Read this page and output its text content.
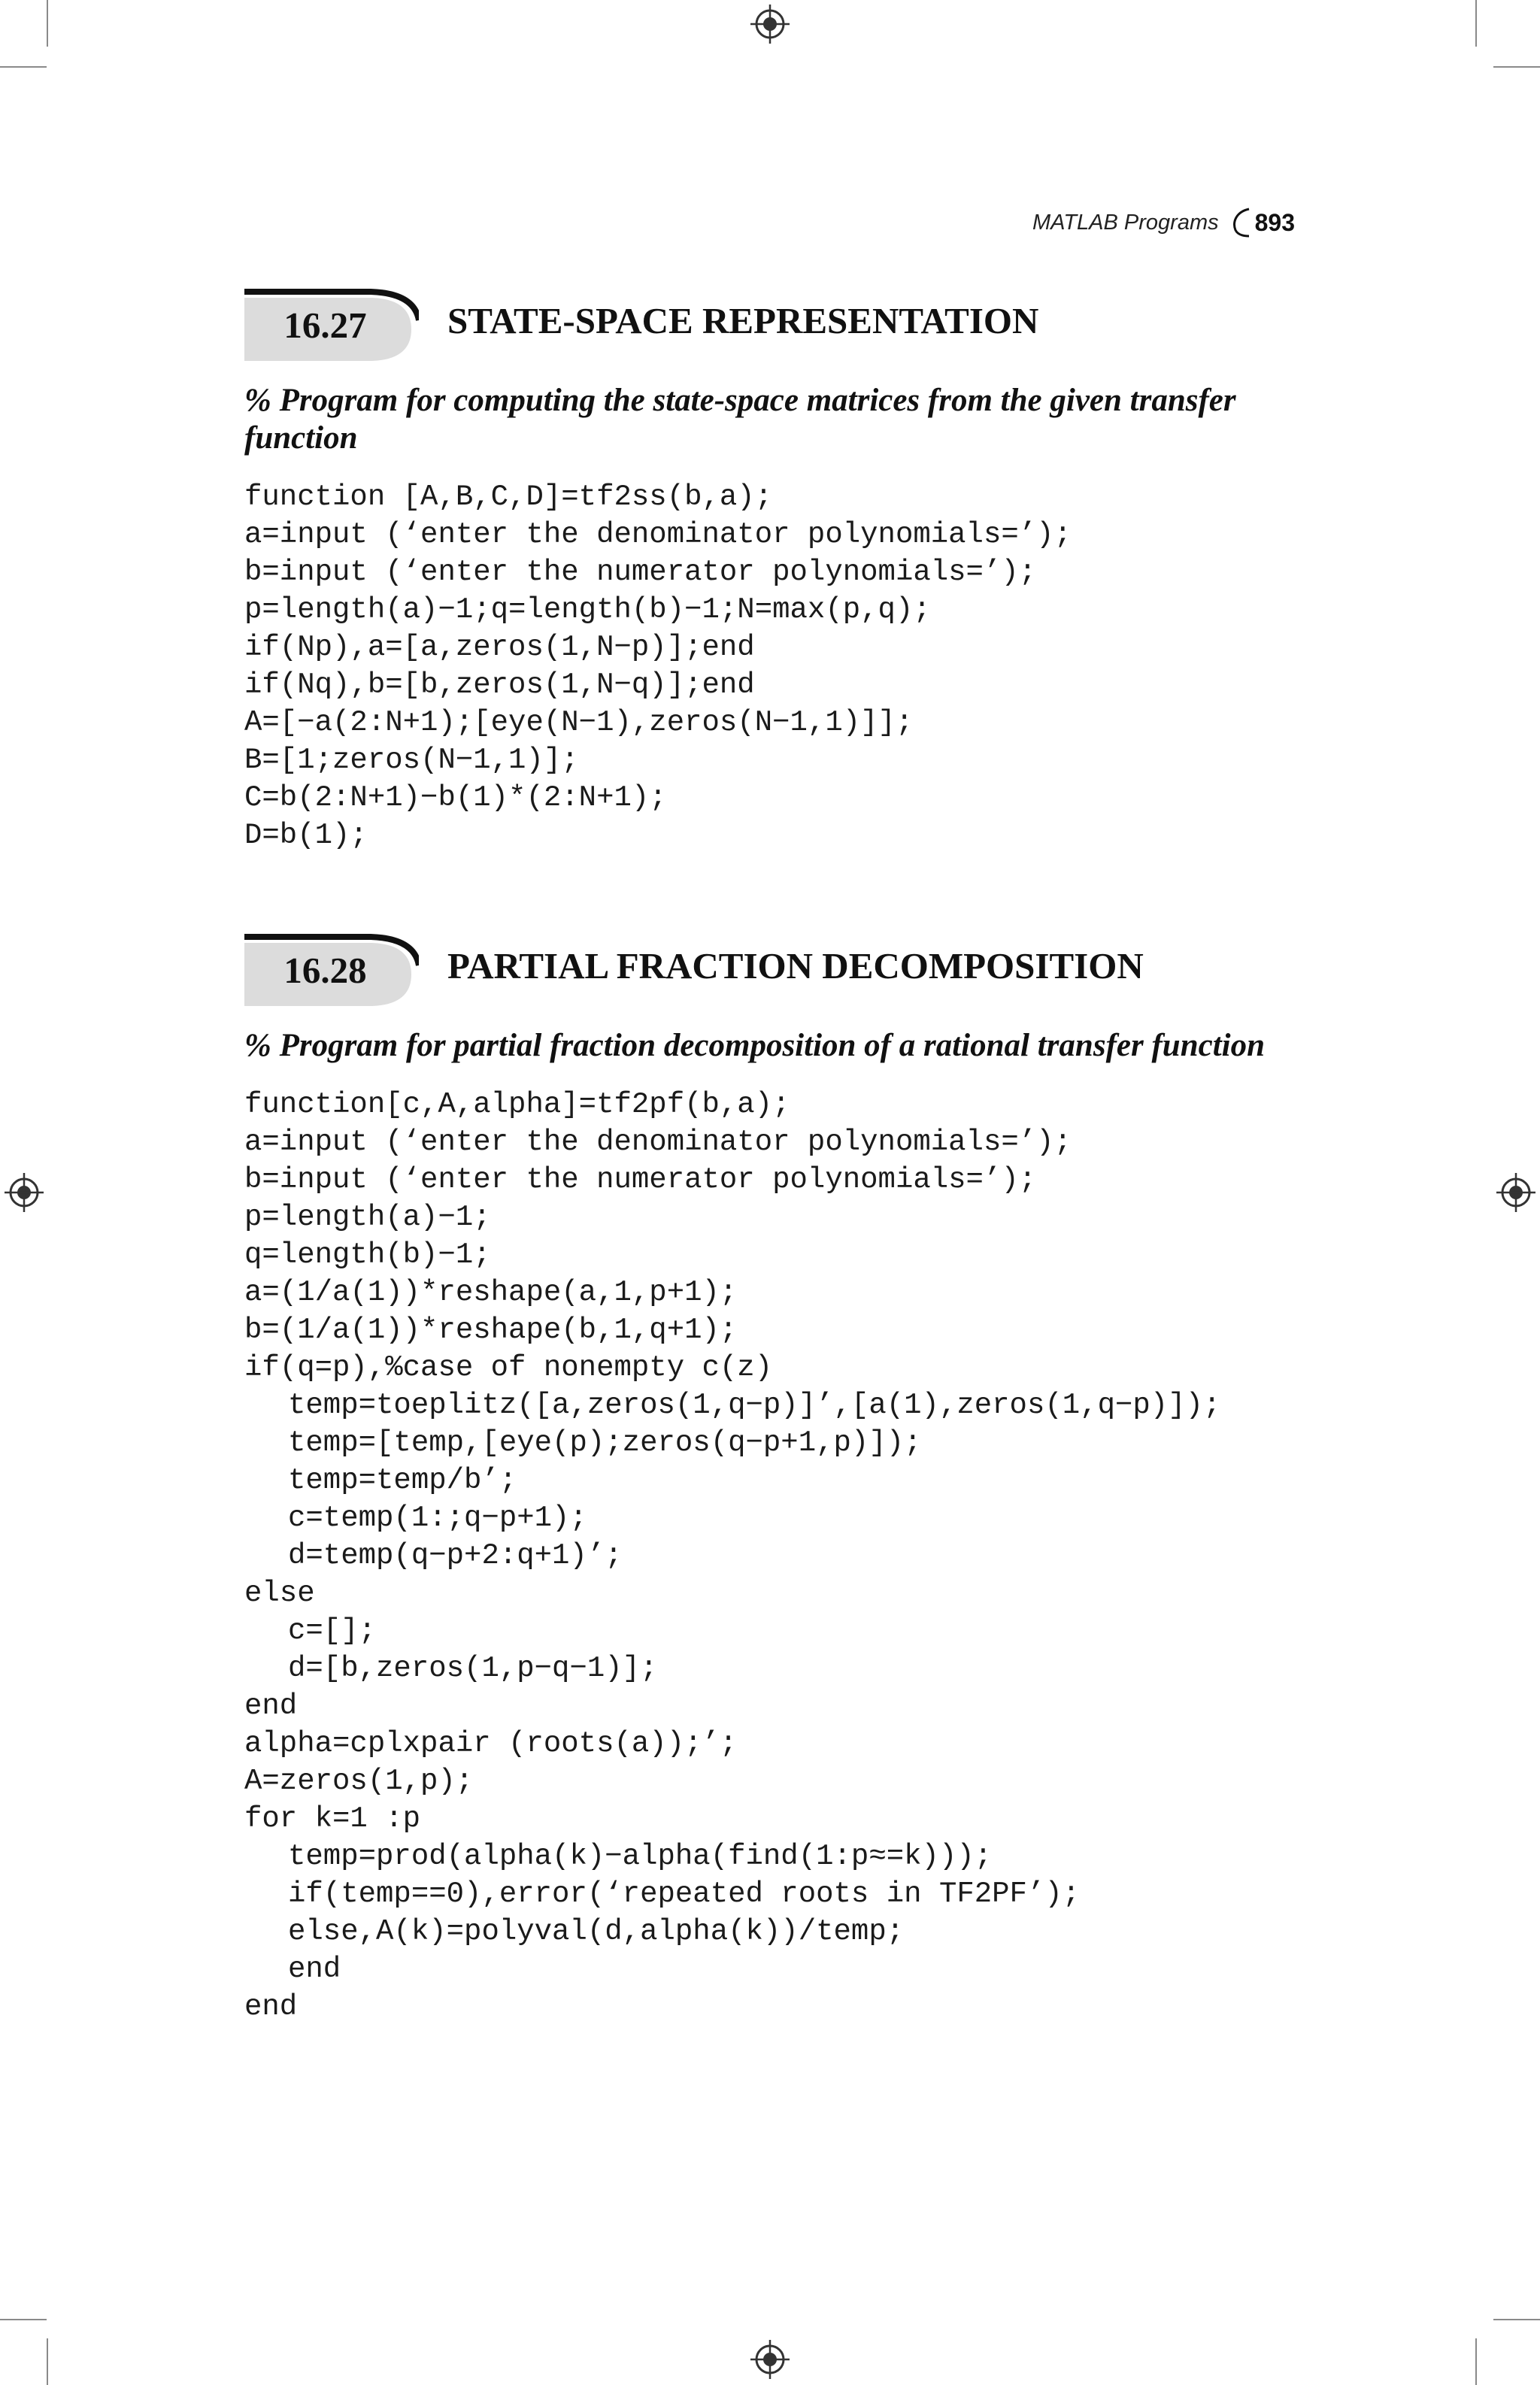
MATLAB Programs 893
16.27	STATE-SPACE REPRESENTATION
% Program for computing the state-space matrices from the given transfer function
function [A,B,C,D]=tf2ss(b,a);
a=input (‘enter the denominator polynomials=’);
b=input (‘enter the numerator polynomials=’);
p=length(a)−1;q=length(b)−1;N=max(p,q);
if(Np),a=[a,zeros(1,N−p)];end
if(Nq),b=[b,zeros(1,N−q)];end
A=[−a(2:N+1);[eye(N−1),zeros(N−1,1)]];
B=[1;zeros(N−1,1)];
C=b(2:N+1)−b(1)*(2:N+1);
D=b(1);
16.28	PARTIAL FRACTION DECOMPOSITION
% Program for partial fraction decomposition of a rational transfer function
function[c,A,alpha]=tf2pf(b,a);
a=input (‘enter the denominator polynomials=’);
b=input (‘enter the numerator polynomials=’);
p=length(a)−1;
q=length(b)−1;
a=(1/a(1))*reshape(a,1,p+1);
b=(1/a(1))*reshape(b,1,q+1);
if(q=p),%case of nonempty c(z)
temp=toeplitz([a,zeros(1,q−p)]’,[a(1),zeros(1,q−p)]);
temp=[temp,[eye(p);zeros(q−p+1,p)]);
temp=temp/b’;
c=temp(1:;q−p+1);
d=temp(q−p+2:q+1)’;
else
c=[];
d=[b,zeros(1,p−q−1)];
end
alpha=cplxpair (roots(a));’;
A=zeros(1,p);
for k=1 :p
temp=prod(alpha(k)−alpha(find(1:p≈=k)));
if(temp==0),error(‘repeated roots in TF2PF’);
else,A(k)=polyval(d,alpha(k))/temp;
end
end
